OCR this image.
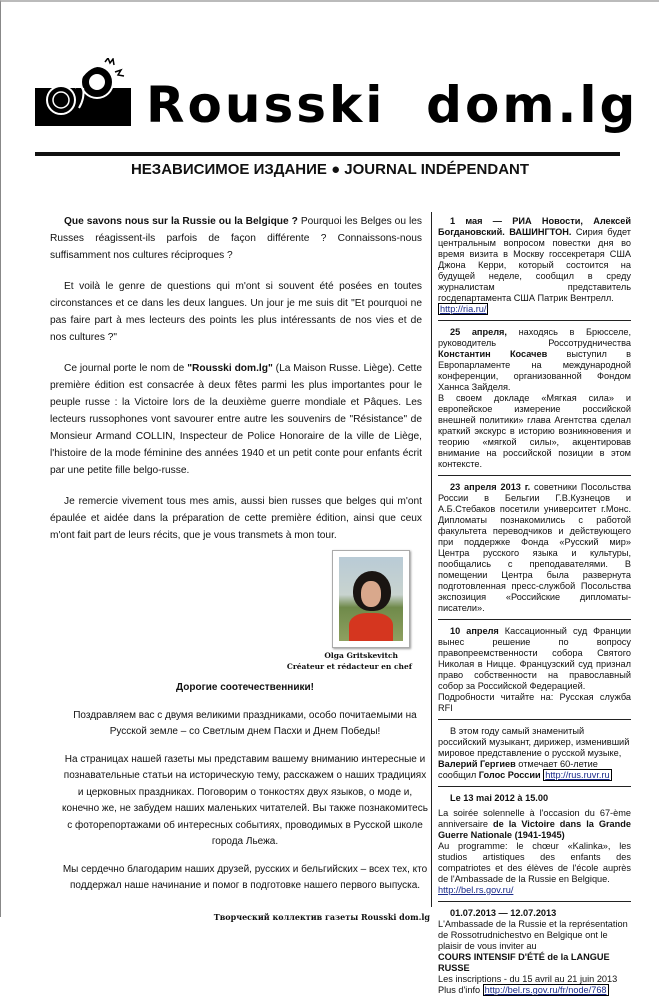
Rousski  dom.lg
НЕЗАВИСИМОЕ ИЗДАНИЕ ● JOURNAL INDÉPENDANT

Que savons nous sur la Russie ou la Belgique ? Pourquoi les Belges ou les Russes réagissent-ils parfois de façon différente ? Connaissons-nous suffisamment nos cultures réciproques ?

Et voilà le genre de questions qui m'ont si souvent été posées en toutes circonstances et ce dans les deux langues. Un jour je me suis dit "Et pourquoi ne pas faire part à mes lecteurs des points les plus intéressants de nos vies et de nos cultures ?"

Ce journal porte le nom de "Rousski dom.lg" (La Maison Russe. Liège). Cette première édition est consacrée à deux fêtes parmi les plus importantes pour le peuple russe : la Victoire lors de la deuxième guerre mondiale et Pâques. Les lecteurs russophones vont savourer entre autre les souvenirs de "Résistance" de Monsieur Armand COLLIN, Inspecteur de Police Honoraire de la ville de Liège, l'histoire de la mode féminine des années 1940 et un petit conte pour enfants écrit par une petite fille belgo-russe.

Je remercie vivement tous mes amis, aussi bien russes que belges qui m'ont épaulée et aidée dans la préparation de cette première édition, ainsi que ceux m'ont fait part de leurs récits, que je vous transmets à mon tour.

Olga Gritskevitch
Créateur et rédacteur en chef

Дорогие соотечественники!

Поздравляем вас с двумя великими праздниками, особо почитаемыми на Русской земле – со Светлым днем Пасхи и Днем Победы!

На страницах нашей газеты мы представим вашему вниманию интересные и познавательные статьи на историческую тему, расскажем о наших традициях и церковных праздниках. Поговорим о тонкостях двух языков, о моде и, конечно же, не забудем наших маленьких читателей. Вы также познакомитесь с фоторепортажами об интересных событиях, проводимых в Русской школе города Льежа.

Мы сердечно благодарим наших друзей, русских и бельгийских – всех тех, кто поддержал наше начинание и помог в подготовке нашего первого выпуска.

Творческий коллектив газеты Rousski dom.lg
1 мая — РИА Новости, Алексей Богдановский. ВАШИНГТОН. Сирия будет центральным вопросом повестки дня во время визита в Москву госсекретаря США Джона Керри, который состоится на будущей неделе, сообщил в среду журналистам представитель госдепартамента США Патрик Вентрелл.
http://ria.ru/
25 апреля, находясь в Брюсселе, руководитель Россотрудничества Константин Косачев выступил в Европарламенте на международной конференции, организованной Фондом Ханнса Зайделя.
В своем докладе «Мягкая сила» и европейское измерение российской внешней политики» глава Агентства сделал краткий экскурс в историю возникновения и теорию «мягкой силы», акцентировав внимание на российской позиции в этом контексте.
23 апреля 2013 г. советники Посольства России в Бельгии Г.В.Кузнецов и А.Б.Стебаков посетили университет г.Монс. Дипломаты познакомились с работой факультета переводчиков и действующего при поддержке Фонда «Русский мир» Центра русского языка и культуры, пообщались с преподавателями. В помещении Центра была развернута подготовленная пресс-службой Посольства экспозиция «Российские дипломаты-писатели».
10 апреля Кассационный суд Франции вынес решение по вопросу правопреемственности собора Святого Николая в Ницце. Французский суд признал право собственности на православный собор за Российской Федерацией.
Подробности читайте на: Русская служба RFI
В этом году самый знаменитый российский музыкант, дирижер, изменивший мировое представление о русской музыке, Валерий Гергиев отмечает 60-летие
сообщил Голос России http://rus.ruvr.ru
Le 13 mai 2012 à 15.00
La soirée solennelle à l'occasion du 67-ème anniversaire de la Victoire dans la Grande Guerre Nationale (1941-1945)
Au programme: le chœur «Kalinka», les studios artistiques des enfants des compatriotes et des élèves de l'école auprès de l'Ambassade de la Russie en Belgique.
http://bel.rs.gov.ru/
01.07.2013 — 12.07.2013
L'Ambassade de la Russie et la représentation de Rossotrudnichestvo en Belgique ont le plaisir de vous inviter au
COURS INTENSIF D'ÉTÉ de la LANGUE RUSSE
Les inscriptions - du 15 avril au 21 juin 2013
Plus d'info http://bel.rs.gov.ru/fr/node/768
